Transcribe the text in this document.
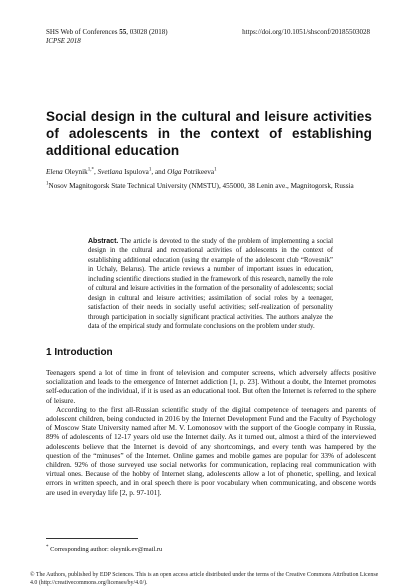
SHS Web of Conferences 55, 03028 (2018)
ICPSE 2018
https://doi.org/10.1051/shsconf/20185503028
Social design in the cultural and leisure activities of adolescents in the context of establishing additional education
Elena Oleynik$^{1,*}$, Svetlana Ispulova$^1$, and Olga Potrikeeva$^1$
$^1$Nosov Magnitogorsk State Technical University (NMSTU), 455000, 38 Lenin ave., Magnitogorsk, Russia

Abstract. The article is devoted to the study of the problem of implementing a social design in the cultural and recreational activities of adolescents in the context of establishing additional education (using thr example of the adolescent club “Rovesnik” in Uchaly, Belarus). The article reviews a number of important issues in education, including scientific directions studied in the framework of this research, namelly the role of cultural and leisure activities in the formation of the personality of adolescents; social design in cultural and leisure activities; assimilation of social roles by a teenager, satisfaction of their needs in socially useful activities; self-realization of personality through participation in socially significant practical activities. The authors analyze the data of the empirical study and formulate conclusions on the problem under study.

1 Introduction

Teenagers spend a lot of time in front of television and computer screens, which adversely affects positive socialization and leads to the emergence of Internet addiction [1, p. 23]. Without a doubt, the Internet promotes self-education of the individual, if it is used as an educational tool. But often the Internet is referred to the sphere of leisure.

According to the first all-Russian scientific study of the digital competence of teenagers and parents of adolescent children, being conducted in 2016 by the Internet Development Fund and the Faculty of Psychology of Moscow State University named after M. V. Lomonosov with the support of the Google company in Russia, 89% of adolescents of 12-17 years old use the Internet daily. As it turned out, almost a third of the interviewed adolescents believe that the Internet is devoid of any shortcomings, and every tenth was hampered by the question of the “minuses” of the Internet. Online games and mobile games are popular for 33% of adolescent children. 92% of those surveyed use social networks for communication, replacing real communication with virtual ones. Because of the hobby of Internet slang, adolescents allow a lot of phonetic, spelling, and lexical errors in written speech, and in oral speech there is poor vocabulary when communicating, and obscene words are used in everyday life [2, p. 97-101].

* Corresponding author: oleynik.ev@mail.ru
© The Authors, published by EDP Sciences. This is an open access article distributed under the terms of the Creative Commons Attribution License 4.0 (http://creativecommons.org/licenses/by/4.0/).
